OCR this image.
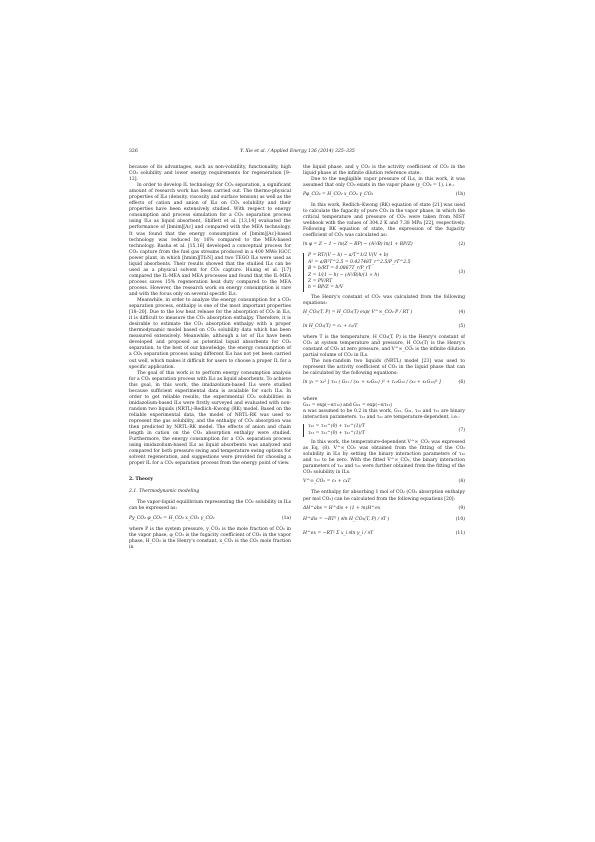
326	Y. Xie et al. / Applied Energy 136 (2014) 325–335

because of its advantages, such as non-volatility, functionality, high CO₂ solubility and lower energy requirements for regeneration [9–12].

In order to develop IL technology for CO₂ separation, a significant amount of research work has been carried out. The thermo-physical properties of ILs (density, viscosity and surface tension) as well as the effects of cation and anion of ILs on CO₂ solubility and their properties have been extensively studied. With respect to energy consumption and process simulation for a CO₂ separation process using ILs as liquid absorbent, Shiflett et al. [13,14] evaluated the performance of [bmim][Ac] and compared with the MEA technology. It was found that the energy consumption of [bmim][Ac]-based technology was reduced by 16% compared to the MEA-based technology. Basha et al. [15,16] developed a conceptual process for CO₂ capture from the fuel gas streams produced in a 400 MWe IGCC power plant, in which [hmim][Tf₂N] and two TEGO ILs were used as liquid absorbents. Their results showed that the studied ILs can be used as a physical solvent for CO₂ capture. Huang et al. [17] compared the IL-MEA and MEA processes and found that the IL-MEA process saves 15% regeneration heat duty compared to the MEA process. However, the research work on energy consumption is rare and with the focus only on several specific ILs.

Meanwhile, in order to analyze the energy consumption for a CO₂ separation process, enthalpy is one of the most important properties [18–20]. Due to the low heat release for the absorption of CO₂ in ILs, it is difficult to measure the CO₂ absorption enthalpy. Therefore, it is desirable to estimate the CO₂ absorption enthalpy with a proper thermodynamic model based on CO₂ solubility data which has been measured extensively. Meanwhile, although a lot of ILs have been developed and proposed as potential liquid absorbents for CO₂ separation, to the best of our knowledge, the energy consumption of a CO₂ separation process using different ILs has not yet been carried out well, which makes it difficult for users to choose a proper IL for a specific application.

The goal of this work is to perform energy consumption analysis for a CO₂ separation process with ILs as liquid absorbents. To achieve this goal, in this work, the imidazolium-based ILs were studied because sufficient experimental data is available for such ILs. In order to get reliable results, the experimental CO₂ solubilities in imidazolium-based ILs were firstly surveyed and evaluated with non-random two liquids (NRTL)-Redlich–Kwong (RK) model. Based on the reliable experimental data, the model of NRTL-RK was used to represent the gas solubility, and the enthalpy of CO₂ absorption was then predicted by NRTL-RK model. The effects of anion and chain length in cation on the CO₂ absorption enthalpy were studied. Furthermore, the energy consumption for a CO₂ separation process using imidazolium-based ILs as liquid absorbents was analyzed and compared for both pressure swing and temperature swing options for solvent regeneration, and suggestions were provided for choosing a proper IL for a CO₂ separation process from the energy point of view.

2. Theory
2.1. Thermodynamic modeling

The vapor-liquid equilibrium representing the CO₂ solubility in ILs can be expressed as:

Py_CO₂ φ_CO₂ = H_CO₂ x_CO₂ γ_CO₂	(1a)

where P is the system pressure, y_CO₂ is the mole fraction of CO₂ in the vapor phase, φ_CO₂ is the fugacity coefficient of CO₂ in the vapor phase, H_CO₂ is the Henry's constant, x_CO₂ is the CO₂ mole fraction in

the liquid phase, and γ_CO₂ is the activity coefficient of CO₂ in the liquid phase at the infinite dilution reference state.

Due to the negligible vapor pressure of ILs, in this work, it was assumed that only CO₂ exists in the vapor phase (y_CO₂ = 1), i.e.:

Pφ_CO₂ = H_CO₂ x_CO₂ γ_CO₂	(1b)

In this work, Redlich–Kwong (RK) equation of state [21] was used to calculate the fugacity of pure CO₂ in the vapor phase, in which the critical temperature and pressure of CO₂ were taken from NIST webbook with the values of 304.2 K and 7.38 MPa [22], respectively. Following RK equation of state, the expression of the fugacity coefficient of CO₂ was calculated as:

ln φ = Z − 1 − ln(Z − BP) − (A²/B) ln(1 + BP/Z)	(2)
P = RT/(V − b) − a/T^1/2 V(V + b)
A² = a/R²T^2.5 = 0.42748T_r^2.5/P_rT^2.5
B = b/RT = 0.0867T_r/P_rT
Z = 1/(1 − h) − (A²/B)h/(1 + h)
Z = PV/RT
h = BP/Z = b/V
(3)

The Henry's constant of CO₂ was calculated from the following equations:

H_CO₂(T, P) = H_CO₂(T) exp( V^∞_CO₂ P / RT )	(4)
ln H_CO₂(T) = c₁ + c₂/T	(5)

where T is the temperature, H_CO₂(T, P) is the Henry's constant of CO₂ at system temperature and pressure, H_CO₂(T) is the Henry's constant of CO₂ at zero pressure, and V^∞_CO₂ is the infinite dilution partial volume of CO₂ in ILs.

The non-random two liquids (NRTL) model [23] was used to represent the activity coefficient of CO₂ in the liquid phase that can be calculated by the following equations:

ln γ₁ = x₂² [ τ₂₁ ( G₂₁ / (x₁ + x₂G₂₁) )² + τ₁₂G₁₂ / (x₂ + x₁G₁₂)² ]	(6)

where

G₁₂ = exp(−ατ₁₂) and G₂₁ = exp(−ατ₂₁)

α was assumed to be 0.2 in this work, G₁₂, G₂₁, τ₁₂ and τ₂₁ are binary interaction parameters. τ₁₂ and τ₂₁ are temperature-dependent, i.e.:

τ₁₂ = τ₁₂^(0) + τ₁₂^(1)/T
τ₂₁ = τ₂₁^(0) + τ₂₁^(1)/T
(7)

In this work, the temperature-dependent V^∞_CO₂ was expressed as Eq. (8). V^∞_CO₂ was obtained from the fitting of the CO₂ solubility in ILs by setting the binary interaction parameters of τ₁₂ and τ₂₁ to be zero. With the fitted V^∞_CO₂, the binary interaction parameters of τ₁₂ and τ₂₁ were further obtained from the fitting of the CO₂ solubility in ILs.

V^∞_CO₂ = c₃ + c₄T	(8)

The enthalpy for absorbing 1 mol of CO₂ (CO₂ absorption enthalpy per mol CO₂) can be calculated from the following equations [20]:

ΔH^abs = H^dis + (1 + m)H^ex	(9)
H^dis = −RT² ( ∂ln H_CO₂(T, P) / ∂T )	(10)
H^ex = −RT² Σ x_i ∂ln γ_i / ∂T	(11)
